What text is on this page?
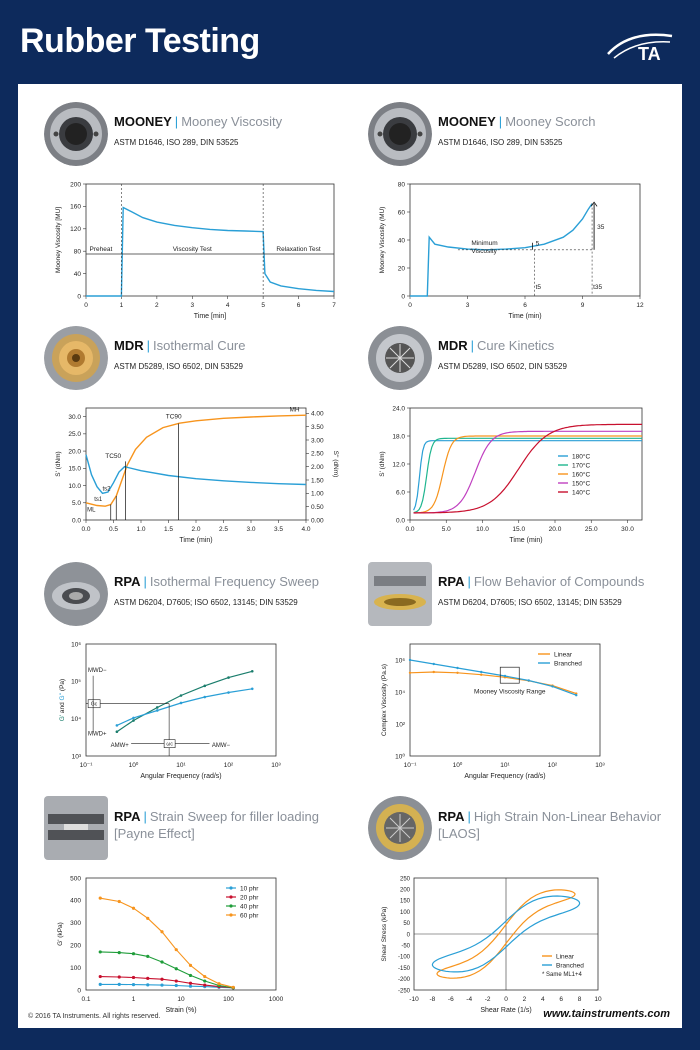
Rubber Testing	TA
MOONEY | Mooney Viscosity
ASTM D1646, ISO 289, DIN 53525
0	1	2	3	4	5	6	7
0
40
80
120
160
200
Time [min]
Mooney Viscosity [MU]	Preheat	Viscosity Test	Relaxation Test
MOONEY | Mooney Scorch
ASTM D1646, ISO 289, DIN 53525
0	3	6	9	12
0
20
40
60
80
Time (min)
Mooney Viscosity (MU)	Minimum
Viscosity
5
35
t5	t35
MDR | Isothermal Cure
ASTM D5289, ISO 6502, DIN 53529
0.0	0.5	1.0	1.5	2.0	2.5	3.0	3.5	4.0
0.0
5.0
10.0
15.0
20.0
25.0
30.0
Time (min)
S' (dNm)
0.00
0.50
1.00
1.50
2.00
2.50
3.00
3.50
4.00
S'' (dNm)
MH
TC90
TC50
ts2
ts1
ML
MDR | Cure Kinetics
ASTM D5289, ISO 6502, DIN 53529
0.0	5.0	10.0	15.0	20.0	25.0	30.0
0.0
6.0
12.0
18.0
24.0
Time (min)
S' (dNm)	180°C
170°C
160°C
150°C
140°C
RPA | Isothermal Frequency Sweep
ASTM D6204, D7605; ISO 6502, 13145; DIN 53529
10⁻¹	10⁰	10¹	10²	10³
10³
10⁴
10⁵
10⁶
Angular Frequency (rad/s)
G' and G'' (Pa)
Gc
MWD−
MWD+
ωc
AMW+	AMW−
RPA | Flow Behavior of Compounds
ASTM D6204, D7605; ISO 6502, 13145; DIN 53529
10⁻¹	10⁰	10¹	10²	10³
10⁰
10²
10⁴
10⁶
Angular Frequency (rad/s)
Complex Viscosity (Pa.s)
Linear
Branched
Mooney Viscosity Range
RPA | Strain Sweep for filler loading [Payne Effect]
0.1	1	10	100	1000
0
100
200
300
400
500
Strain (%)
G' (kPa)
10 phr
20 phr
40 phr
60 phr
RPA | High Strain Non-Linear Behavior [LAOS]
-10 -8 -6 -4 -2 0 2 4 6 8 10
250
200
150
100
50
0
-50
-100
-150
-200
-250
Shear Rate (1/s)
Shear Stress (kPa)	Linear
Branched
* Same ML1+4
© 2016 TA Instruments. All rights reserved.	www.tainstruments.com
